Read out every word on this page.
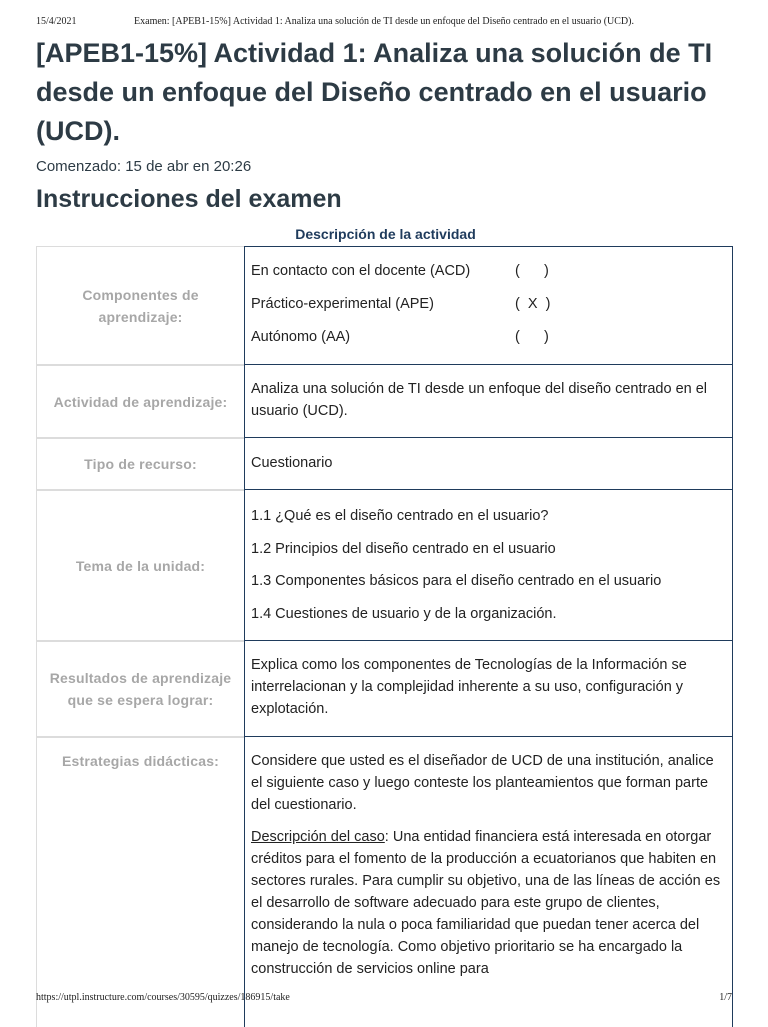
15/4/2021	Examen: [APEB1-15%] Actividad 1: Analiza una solución de TI desde un enfoque del Diseño centrado en el usuario (UCD).
[APEB1-15%] Actividad 1: Analiza una solución de TI desde un enfoque del Diseño centrado en el usuario (UCD).
Comenzado: 15 de abr en 20:26
Instrucciones del examen
Descripción de la actividad
Componentes de aprendizaje:
En contacto con el docente (ACD)	(      )
Práctico-experimental (APE)	(  X  )
Autónomo (AA)	(      )
Actividad de aprendizaje:
Analiza una solución de TI desde un enfoque del diseño centrado en el usuario (UCD).
Tipo de recurso:	Cuestionario
Tema de la unidad:
1.1 ¿Qué es el diseño centrado en el usuario?
1.2 Principios del diseño centrado en el usuario
1.3 Componentes básicos para el diseño centrado en el usuario
1.4 Cuestiones de usuario y de la organización.
Resultados de aprendizaje que se espera lograr:
Explica como los componentes de Tecnologías de la Información se interrelacionan y la complejidad inherente a su uso, configuración y explotación.
Estrategias didácticas:	Considere que usted es el diseñador de UCD de una institución, analice el siguiente caso y luego conteste los planteamientos que forman parte del cuestionario.

Descripción del caso: Una entidad financiera está interesada en otorgar créditos para el fomento de la producción a ecuatorianos que habiten en sectores rurales. Para cumplir su objetivo, una de las líneas de acción es el desarrollo de software adecuado para este grupo de clientes, considerando la nula o poca familiaridad que puedan tener acerca del manejo de tecnología. Como objetivo prioritario se ha encargado la construcción de servicios online para

https://utpl.instructure.com/courses/30595/quizzes/186915/take	1/7
